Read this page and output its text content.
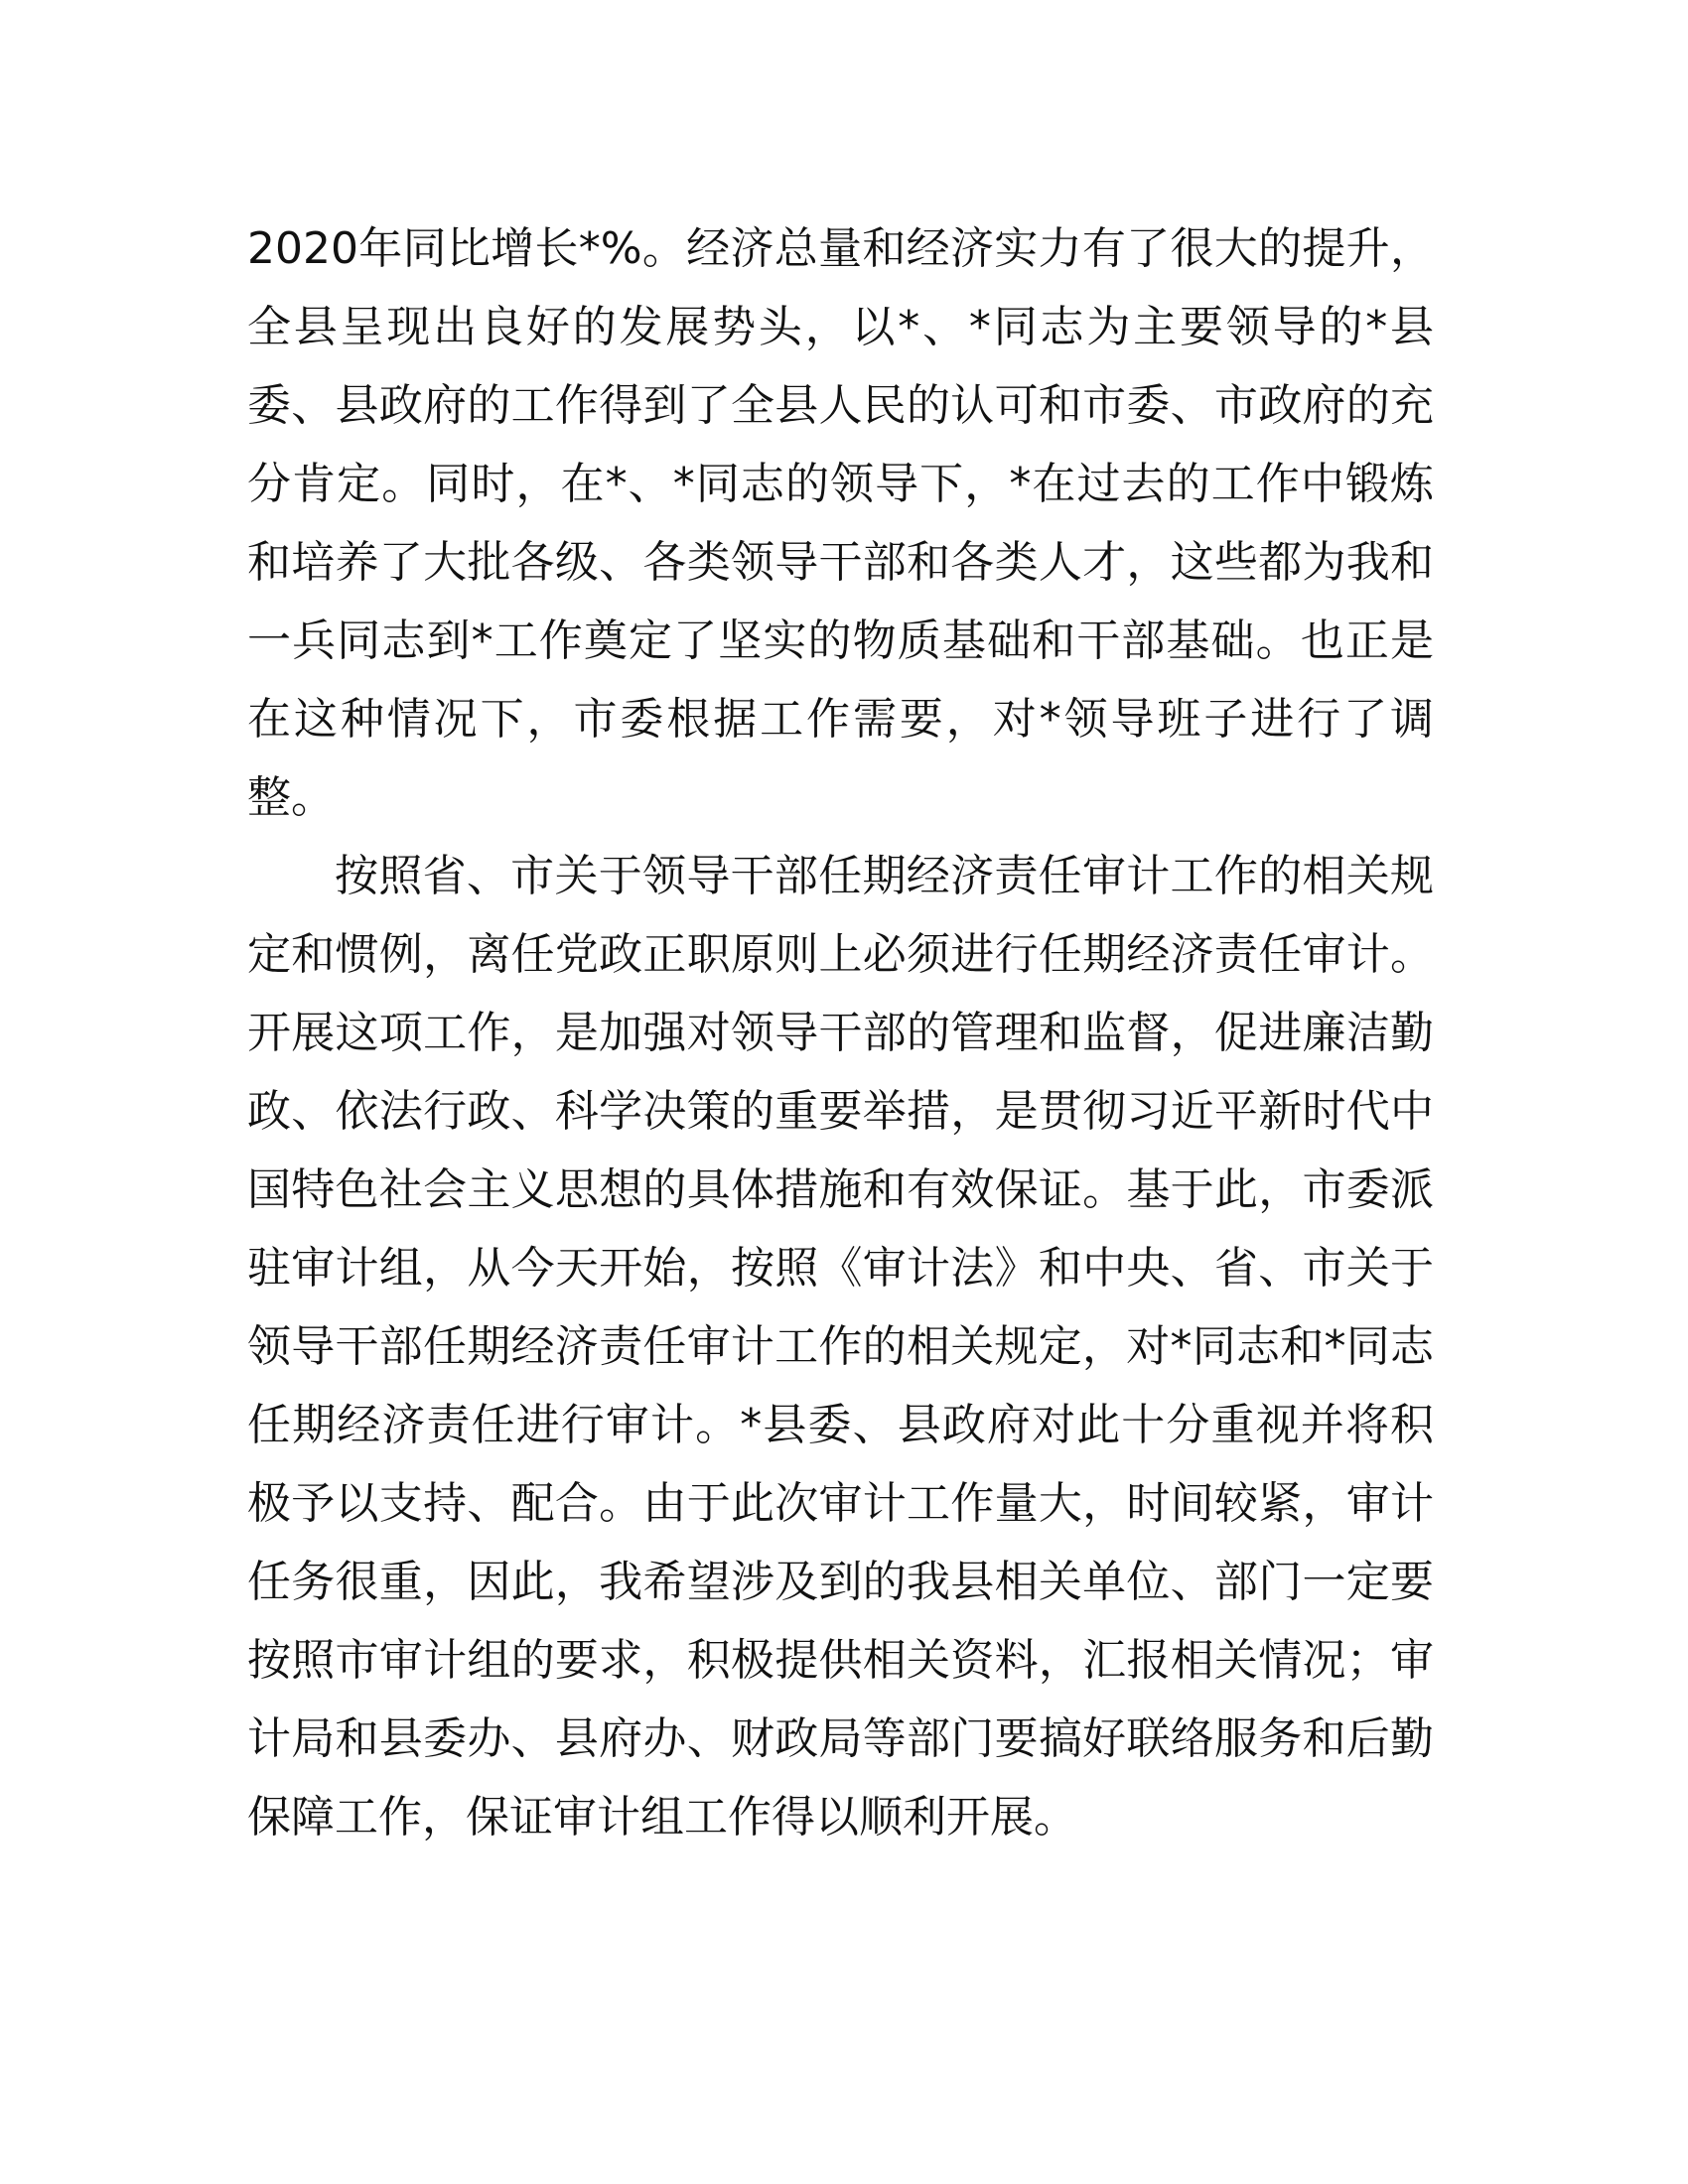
2020年同比增长*%。经济总量和经济实力有了很大的提升，全县呈现出良好的发展势头，以*、*同志为主要领导的*县委、县政府的工作得到了全县人民的认可和市委、市政府的充分肯定。同时，在*、*同志的领导下，*在过去的工作中锻炼和培养了大批各级、各类领导干部和各类人才，这些都为我和一兵同志到*工作奠定了坚实的物质基础和干部基础。也正是在这种情况下，市委根据工作需要，对*领导班子进行了调整。

按照省、市关于领导干部任期经济责任审计工作的相关规定和惯例，离任党政正职原则上必须进行任期经济责任审计。开展这项工作，是加强对领导干部的管理和监督，促进廉洁勤政、依法行政、科学决策的重要举措，是贯彻习近平新时代中国特色社会主义思想的具体措施和有效保证。基于此，市委派驻审计组，从今天开始，按照《审计法》和中央、省、市关于领导干部任期经济责任审计工作的相关规定，对*同志和*同志任期经济责任进行审计。*县委、县政府对此十分重视并将积极予以支持、配合。由于此次审计工作量大，时间较紧，审计任务很重，因此，我希望涉及到的我县相关单位、部门一定要按照市审计组的要求，积极提供相关资料，汇报相关情况；审计局和县委办、县府办、财政局等部门要搞好联络服务和后勤保障工作，保证审计组工作得以顺利开展。
